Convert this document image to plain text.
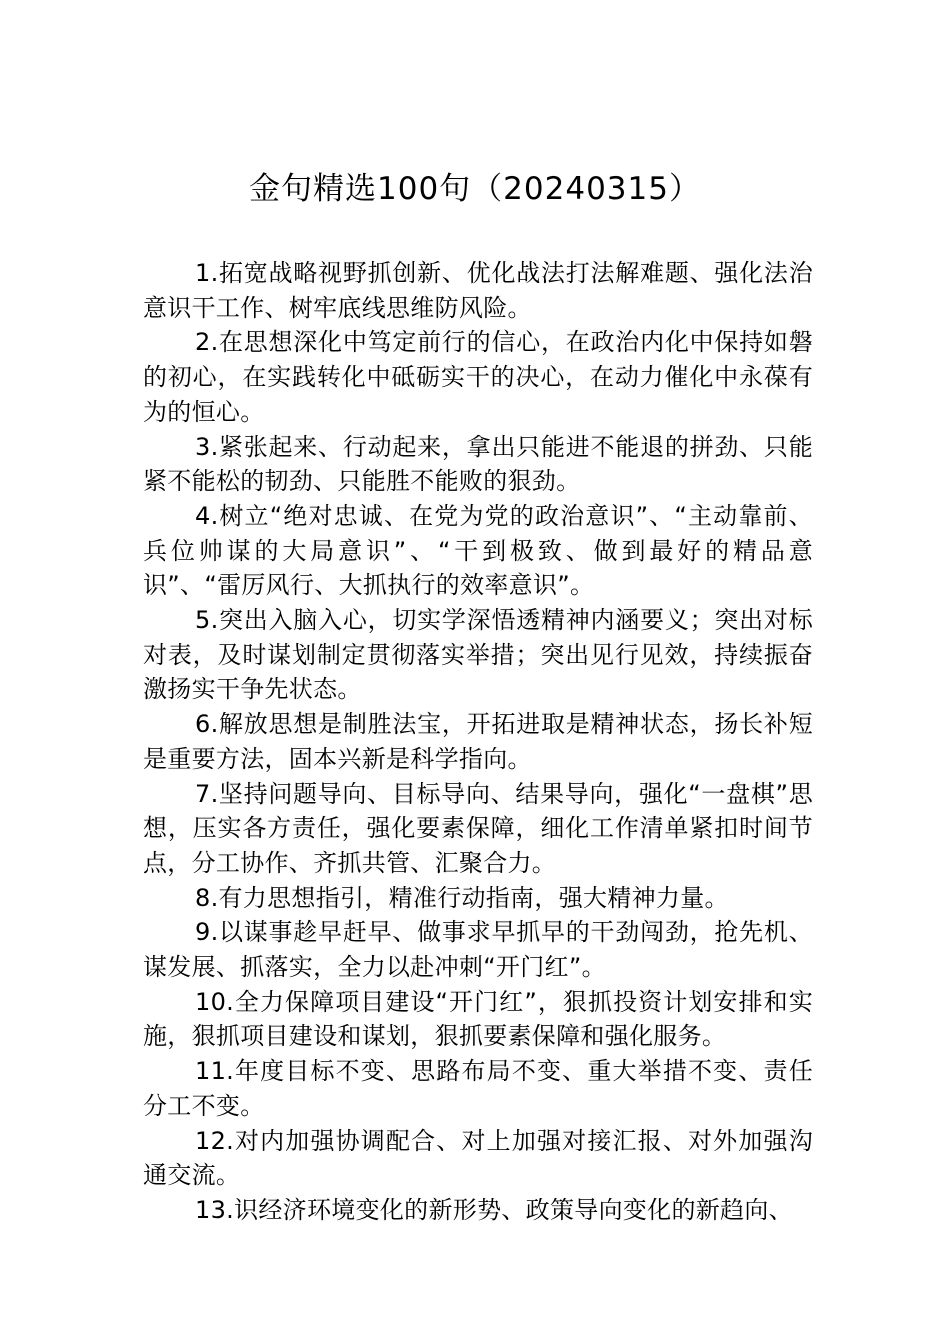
金句精选100句（20240315）

1.拓宽战略视野抓创新、优化战法打法解难题、强化法治意识干工作、树牢底线思维防风险。

2.在思想深化中笃定前行的信心，在政治内化中保持如磐的初心，在实践转化中砥砺实干的决心，在动力催化中永葆有为的恒心。

3.紧张起来、行动起来，拿出只能进不能退的拼劲、只能紧不能松的韧劲、只能胜不能败的狠劲。

4.树立“绝对忠诚、在党为党的政治意识”、“主动靠前、兵位帅谋的大局意识”、“干到极致、做到最好的精品意识”、“雷厉风行、大抓执行的效率意识”。

5.突出入脑入心，切实学深悟透精神内涵要义；突出对标对表，及时谋划制定贯彻落实举措；突出见行见效，持续振奋激扬实干争先状态。

6.解放思想是制胜法宝，开拓进取是精神状态，扬长补短是重要方法，固本兴新是科学指向。

7.坚持问题导向、目标导向、结果导向，强化“一盘棋”思想，压实各方责任，强化要素保障，细化工作清单紧扣时间节点，分工协作、齐抓共管、汇聚合力。

8.有力思想指引，精准行动指南，强大精神力量。

9.以谋事趁早赶早、做事求早抓早的干劲闯劲，抢先机、谋发展、抓落实，全力以赴冲刺“开门红”。

10.全力保障项目建设“开门红”，狠抓投资计划安排和实施，狠抓项目建设和谋划，狠抓要素保障和强化服务。

11.年度目标不变、思路布局不变、重大举措不变、责任分工不变。

12.对内加强协调配合、对上加强对接汇报、对外加强沟通交流。

13.识经济环境变化的新形势、政策导向变化的新趋向、
